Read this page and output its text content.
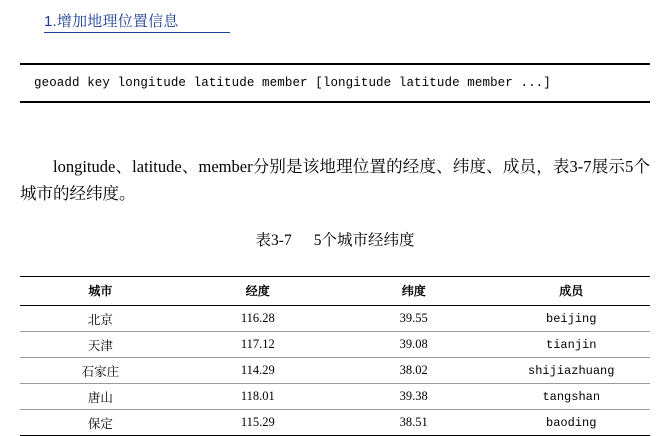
1.增加地理位置信息
geoadd key longitude latitude member [longitude latitude member ...]

longitude、latitude、member分别是该地理位置的经度、纬度、成员，表3-7展示5个城市的经纬度。

表3-7 5个城市经纬度
城市	经度	纬度	成员
北京	116.28	39.55	beijing
天津	117.12	39.08	tianjin
石家庄	114.29	38.02	shijiazhuang
唐山	118.01	39.38	tangshan
保定	115.29	38.51	baoding
